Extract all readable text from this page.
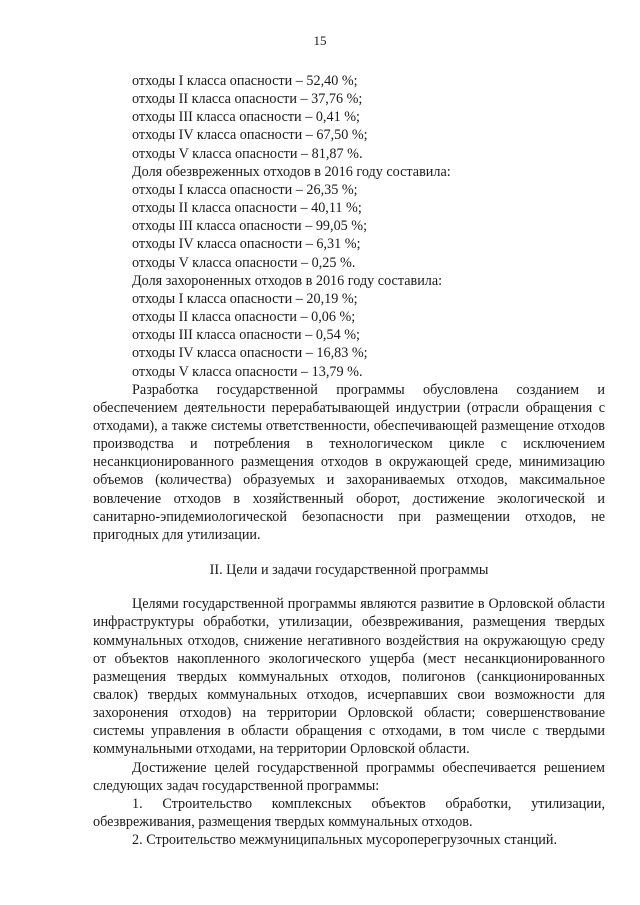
15

отходы I класса опасности – 52,40 %;

отходы II класса опасности – 37,76 %;

отходы III класса опасности – 0,41 %;

отходы IV класса опасности – 67,50 %;

отходы V класса опасности – 81,87 %.

Доля обезвреженных отходов в 2016 году составила:

отходы I класса опасности – 26,35 %;

отходы II класса опасности – 40,11 %;

отходы III класса опасности – 99,05 %;

отходы IV класса опасности – 6,31 %;

отходы V класса опасности – 0,25 %.

Доля захороненных отходов в 2016 году составила:

отходы I класса опасности – 20,19 %;

отходы II класса опасности – 0,06 %;

отходы III класса опасности – 0,54 %;

отходы IV класса опасности – 16,83 %;

отходы V класса опасности – 13,79 %.

Разработка государственной программы обусловлена созданием и обеспечением деятельности перерабатывающей индустрии (отрасли обращения с отходами), а также системы ответственности, обеспечивающей размещение отходов производства и потребления в технологическом цикле с исключением несанкционированного размещения отходов в окружающей среде, минимизацию объемов (количества) образуемых и захораниваемых отходов, максимальное вовлечение отходов в хозяйственный оборот, достижение экологической и санитарно-эпидемиологической безопасности при размещении отходов, не пригодных для утилизации.

II. Цели и задачи государственной программы

Целями государственной программы являются развитие в Орловской области инфраструктуры обработки, утилизации, обезвреживания, размещения твердых коммунальных отходов, снижение негативного воздействия на окружающую среду от объектов накопленного экологического ущерба (мест несанкционированного размещения твердых коммунальных отходов, полигонов (санкционированных свалок) твердых коммунальных отходов, исчерпавших свои возможности для захоронения отходов) на территории Орловской области; совершенствование системы управления в области обращения с отходами, в том числе с твердыми коммунальными отходами, на территории Орловской области.

Достижение целей государственной программы обеспечивается решением следующих задач государственной программы:

1. Строительство комплексных объектов обработки, утилизации, обезвреживания, размещения твердых коммунальных отходов.

2. Строительство межмуниципальных мусороперегрузочных станций.
